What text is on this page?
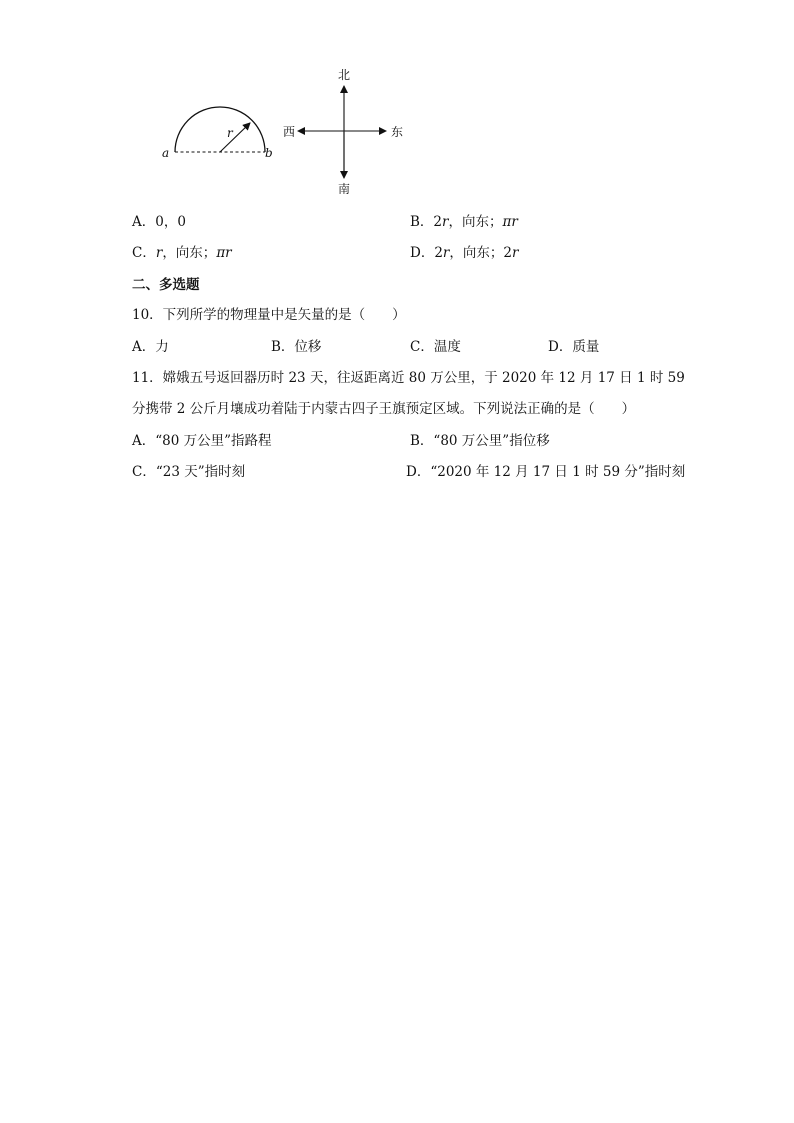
a	b
r
北
南
东
西
A．0，0	B．2r，向东；πr
C．r，向东；πr	D．2r，向东；2r
二、多选题
10．下列所学的物理量中是矢量的是（　　）
A．力	B．位移	C．温度	D．质量
11．嫦娥五号返回器历时 23 天，往返距离近 80 万公里，于 2020 年 12 月 17 日 1 时 59
分携带 2 公斤月壤成功着陆于内蒙古四子王旗预定区域。下列说法正确的是（　　）
A．“80 万公里”指路程	B．“80 万公里”指位移
C．“23 天”指时刻	D．“2020 年 12 月 17 日 1 时 59 分”指时刻
